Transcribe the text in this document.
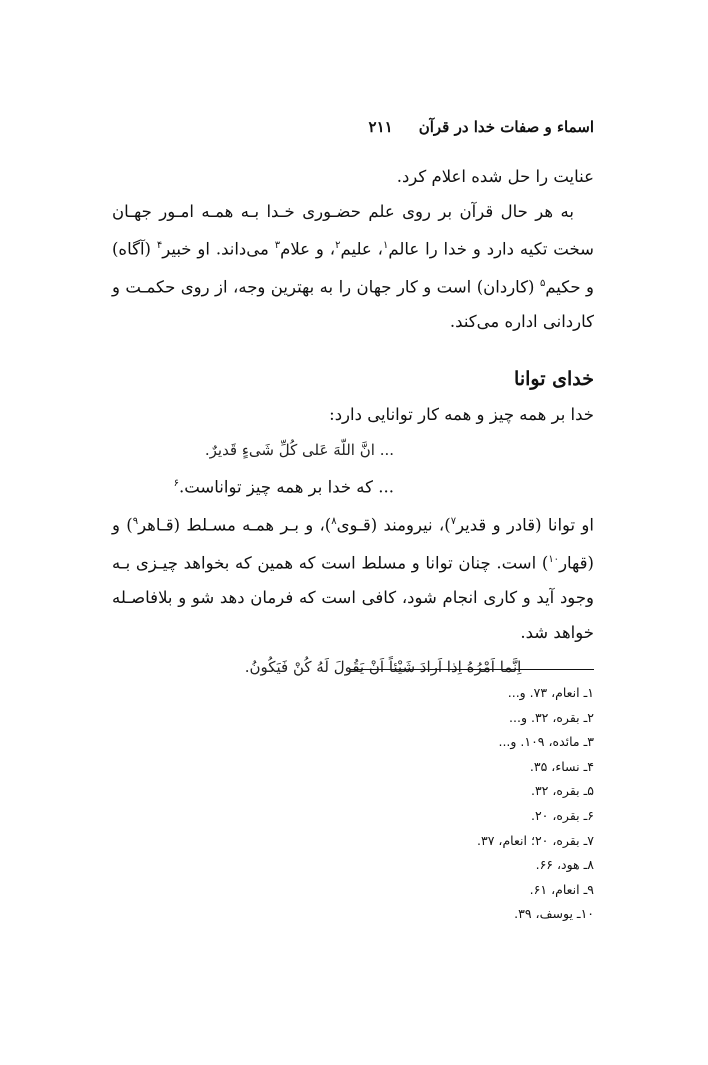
اسماء و صفات خدا در قرآن
۲۱۱

عنایت را حل شده اعلام کرد.

به هر حال قرآن بر روی علم حضـوری خـدا بـه همـه امـور جهـان سخت تکیه دارد و خدا را عالم$^۱$، علیم$^۲$، و علام$^۳$ می‌داند. او خبیر$^۴$ (آگاه) و حکیم$^۵$ (کاردان) است و کار جهان را به بهترین وجه، از روی حکمـت و کاردانی اداره می‌کند.

خدای توانا

خدا بر همه چیز و همه کار توانایی دارد:

... انَّ اللّهَ عَلی کُلِّ شَیءٍ قَدیرٌ.

... که خدا بر همه چیز تواناست.$^۶$

او توانا (قادر و قدیر$^۷$)، نیرومند (قـوی$^۸$)، و بـر همـه مسـلط (قـاهر$^۹$) و (قهار$^{۱۰}$) است. چنان توانا و مسلط است که همین که بخواهد چیـزی بـه وجود آید و کاری انجام شود، کافی است که فرمان دهد شو و بلافاصـله خواهد شد.

اِنَّما اَمْرُهُ اِذا اَرادَ شَیْئاً اَنْ یَقُولَ لَهُ کُنْ فَیَکُونُ.

۱ـ انعام، ۷۳. و...
۲ـ بقره، ۳۲. و...
۳ـ مائده، ۱۰۹. و...
۴ـ نساء، ۳۵.
۵ـ بقره، ۳۲.
۶ـ بقره، ۲۰.
۷ـ بقره، ۲۰؛ انعام، ۳۷.
۸ـ هود، ۶۶.
۹ـ انعام، ۶۱.
۱۰ـ یوسف، ۳۹.
